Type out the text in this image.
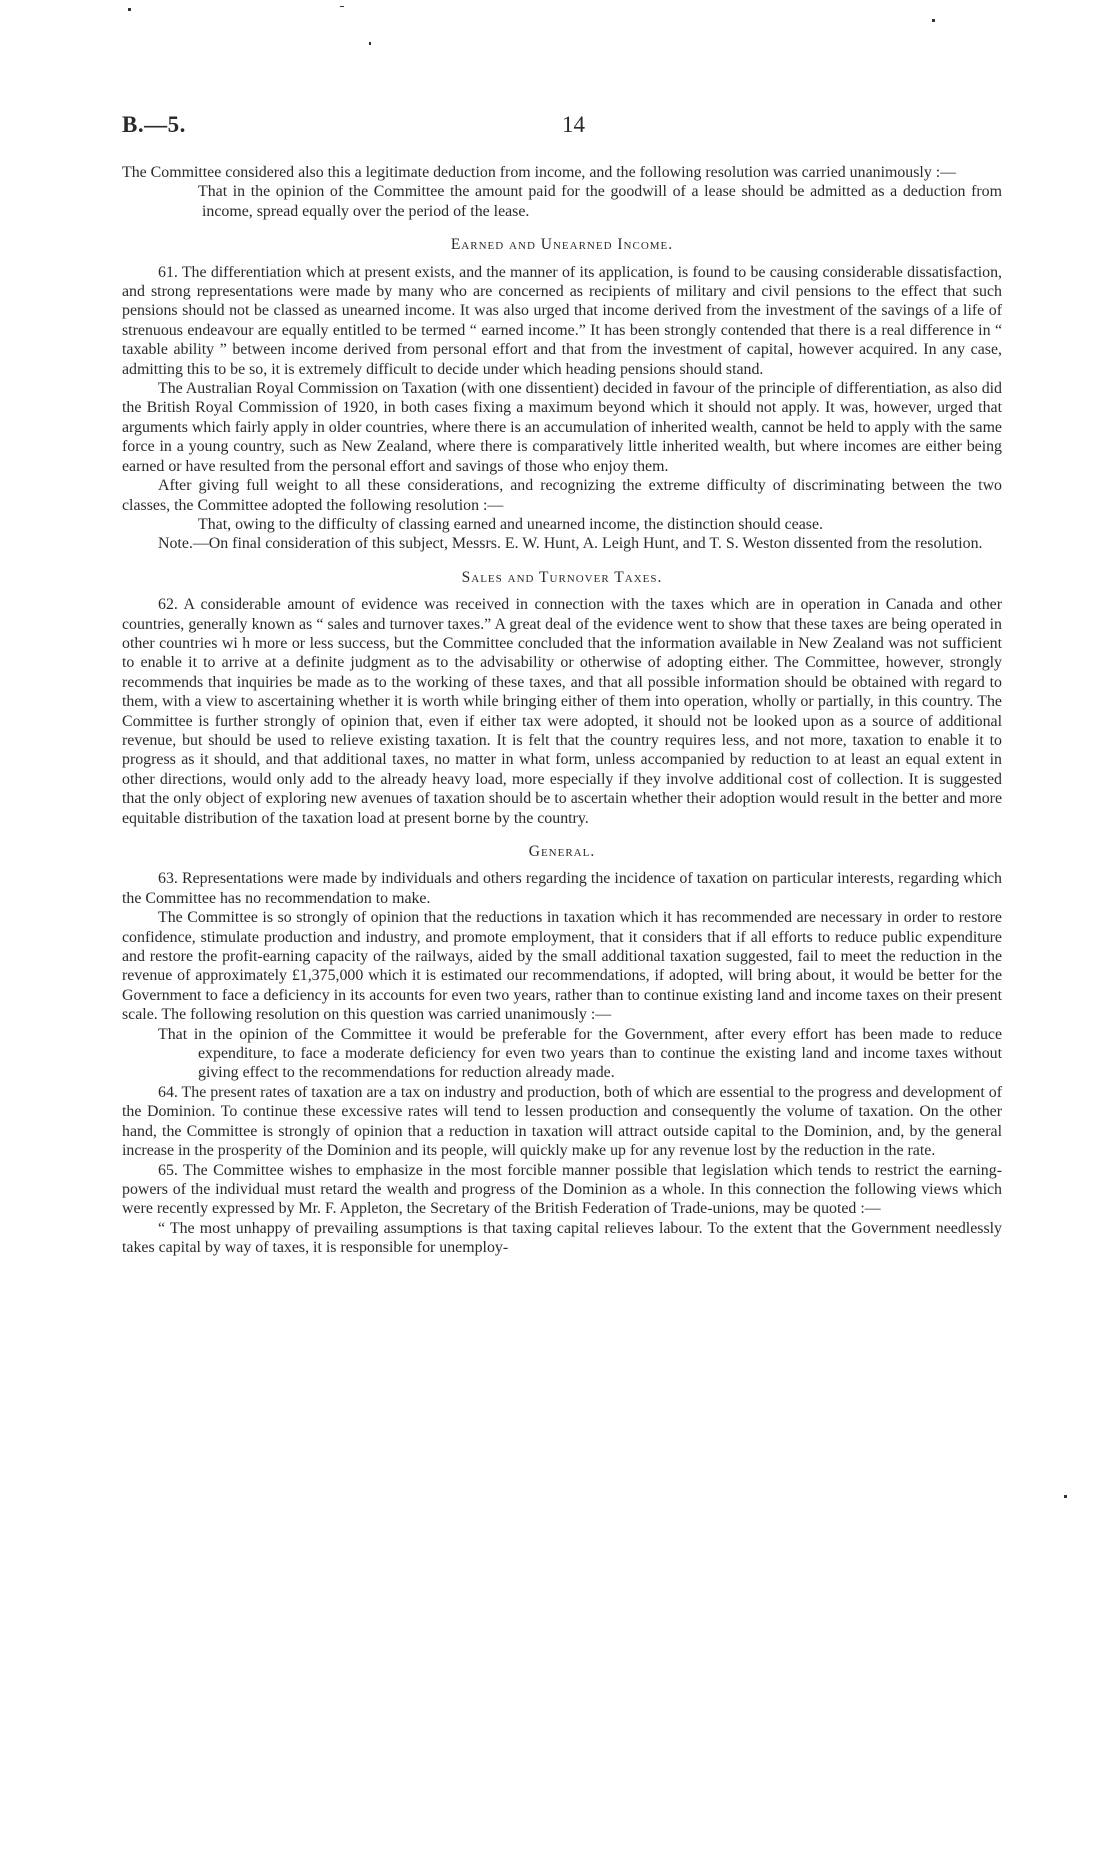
B.—5.	14

The Committee considered also this a legitimate deduction from income, and the following resolution was carried unanimously :—

That in the opinion of the Committee the amount paid for the goodwill of a lease should be admitted as a deduction from income, spread equally over the period of the lease.

Earned and Unearned Income.

61. The differentiation which at present exists, and the manner of its application, is found to be causing considerable dissatisfaction, and strong representations were made by many who are concerned as recipients of military and civil pensions to the effect that such pensions should not be classed as unearned income. It was also urged that income derived from the investment of the savings of a life of strenuous endeavour are equally entitled to be termed “ earned income.” It has been strongly contended that there is a real difference in “ taxable ability ” between income derived from personal effort and that from the investment of capital, however acquired. In any case, admitting this to be so, it is extremely difficult to decide under which heading pensions should stand.

The Australian Royal Commission on Taxation (with one dissentient) decided in favour of the principle of differentiation, as also did the British Royal Commission of 1920, in both cases fixing a maximum beyond which it should not apply. It was, however, urged that arguments which fairly apply in older countries, where there is an accumulation of inherited wealth, cannot be held to apply with the same force in a young country, such as New Zealand, where there is comparatively little inherited wealth, but where incomes are either being earned or have resulted from the personal effort and savings of those who enjoy them.

After giving full weight to all these considerations, and recognizing the extreme difficulty of discriminating between the two classes, the Committee adopted the following resolution :—

That, owing to the difficulty of classing earned and unearned income, the distinction should cease.

Note.—On final consideration of this subject, Messrs. E. W. Hunt, A. Leigh Hunt, and T. S. Weston dissented from the resolution.

Sales and Turnover Taxes.

62. A considerable amount of evidence was received in connection with the taxes which are in operation in Canada and other countries, generally known as “ sales and turnover taxes.” A great deal of the evidence went to show that these taxes are being operated in other countries wi h more or less success, but the Committee concluded that the information available in New Zealand was not sufficient to enable it to arrive at a definite judgment as to the advisability or otherwise of adopting either. The Committee, however, strongly recommends that inquiries be made as to the working of these taxes, and that all possible information should be obtained with regard to them, with a view to ascertaining whether it is worth while bringing either of them into operation, wholly or partially, in this country. The Committee is further strongly of opinion that, even if either tax were adopted, it should not be looked upon as a source of additional revenue, but should be used to relieve existing taxation. It is felt that the country requires less, and not more, taxation to enable it to progress as it should, and that additional taxes, no matter in what form, unless accompanied by reduction to at least an equal extent in other directions, would only add to the already heavy load, more especially if they involve additional cost of collection. It is suggested that the only object of exploring new avenues of taxation should be to ascertain whether their adoption would result in the better and more equitable distribution of the taxation load at present borne by the country.

General.

63. Representations were made by individuals and others regarding the incidence of taxation on particular interests, regarding which the Committee has no recommendation to make.

The Committee is so strongly of opinion that the reductions in taxation which it has recommended are necessary in order to restore confidence, stimulate production and industry, and promote employment, that it considers that if all efforts to reduce public expenditure and restore the profit-earning capacity of the railways, aided by the small additional taxation suggested, fail to meet the reduction in the revenue of approximately £1,375,000 which it is estimated our recommendations, if adopted, will bring about, it would be better for the Government to face a deficiency in its accounts for even two years, rather than to continue existing land and income taxes on their present scale. The following resolution on this question was carried unanimously :—

That in the opinion of the Committee it would be preferable for the Government, after every effort has been made to reduce expenditure, to face a moderate deficiency for even two years than to continue the existing land and income taxes without giving effect to the recommendations for reduction already made.

64. The present rates of taxation are a tax on industry and production, both of which are essential to the progress and development of the Dominion. To continue these excessive rates will tend to lessen production and consequently the volume of taxation. On the other hand, the Committee is strongly of opinion that a reduction in taxation will attract outside capital to the Dominion, and, by the general increase in the prosperity of the Dominion and its people, will quickly make up for any revenue lost by the reduction in the rate.

65. The Committee wishes to emphasize in the most forcible manner possible that legislation which tends to restrict the earning-powers of the individual must retard the wealth and progress of the Dominion as a whole. In this connection the following views which were recently expressed by Mr. F. Appleton, the Secretary of the British Federation of Trade-unions, may be quoted :—

“ The most unhappy of prevailing assumptions is that taxing capital relieves labour. To the extent that the Government needlessly takes capital by way of taxes, it is responsible for unemploy-
